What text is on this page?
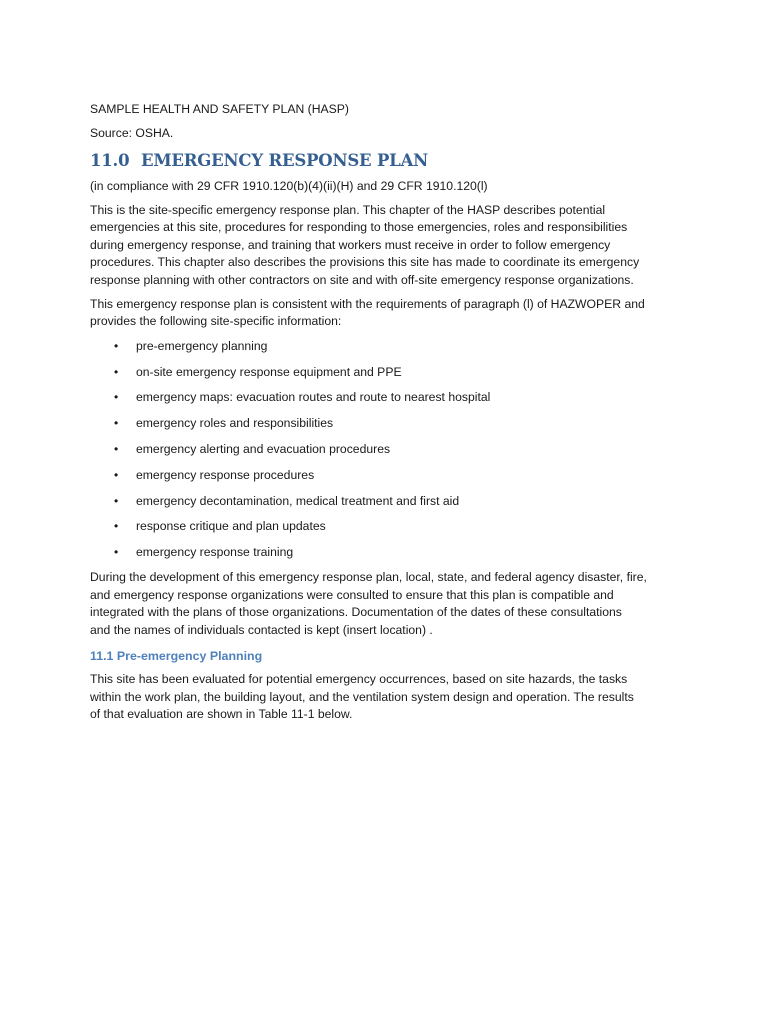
SAMPLE HEALTH AND SAFETY PLAN (HASP)

Source: OSHA.

11.0 EMERGENCY RESPONSE PLAN

(in compliance with 29 CFR 1910.120(b)(4)(ii)(H) and 29 CFR 1910.120(l)

This is the site-specific emergency response plan. This chapter of the HASP describes potential
emergencies at this site, procedures for responding to those emergencies, roles and responsibilities
during emergency response, and training that workers must receive in order to follow emergency
procedures. This chapter also describes the provisions this site has made to coordinate its emergency
response planning with other contractors on site and with off-site emergency response organizations.
This emergency response plan is consistent with the requirements of paragraph (l) of HAZWOPER and
provides the following site-specific information:
• pre-emergency planning
• on-site emergency response equipment and PPE
• emergency maps: evacuation routes and route to nearest hospital
• emergency roles and responsibilities
• emergency alerting and evacuation procedures
• emergency response procedures
• emergency decontamination, medical treatment and first aid
• response critique and plan updates
• emergency response training
During the development of this emergency response plan, local, state, and federal agency disaster, fire,
and emergency response organizations were consulted to ensure that this plan is compatible and
integrated with the plans of those organizations. Documentation of the dates of these consultations
and the names of individuals contacted is kept (insert location) .
11.1 Pre-emergency Planning
This site has been evaluated for potential emergency occurrences, based on site hazards, the tasks
within the work plan, the building layout, and the ventilation system design and operation. The results
of that evaluation are shown in Table 11-1 below.
